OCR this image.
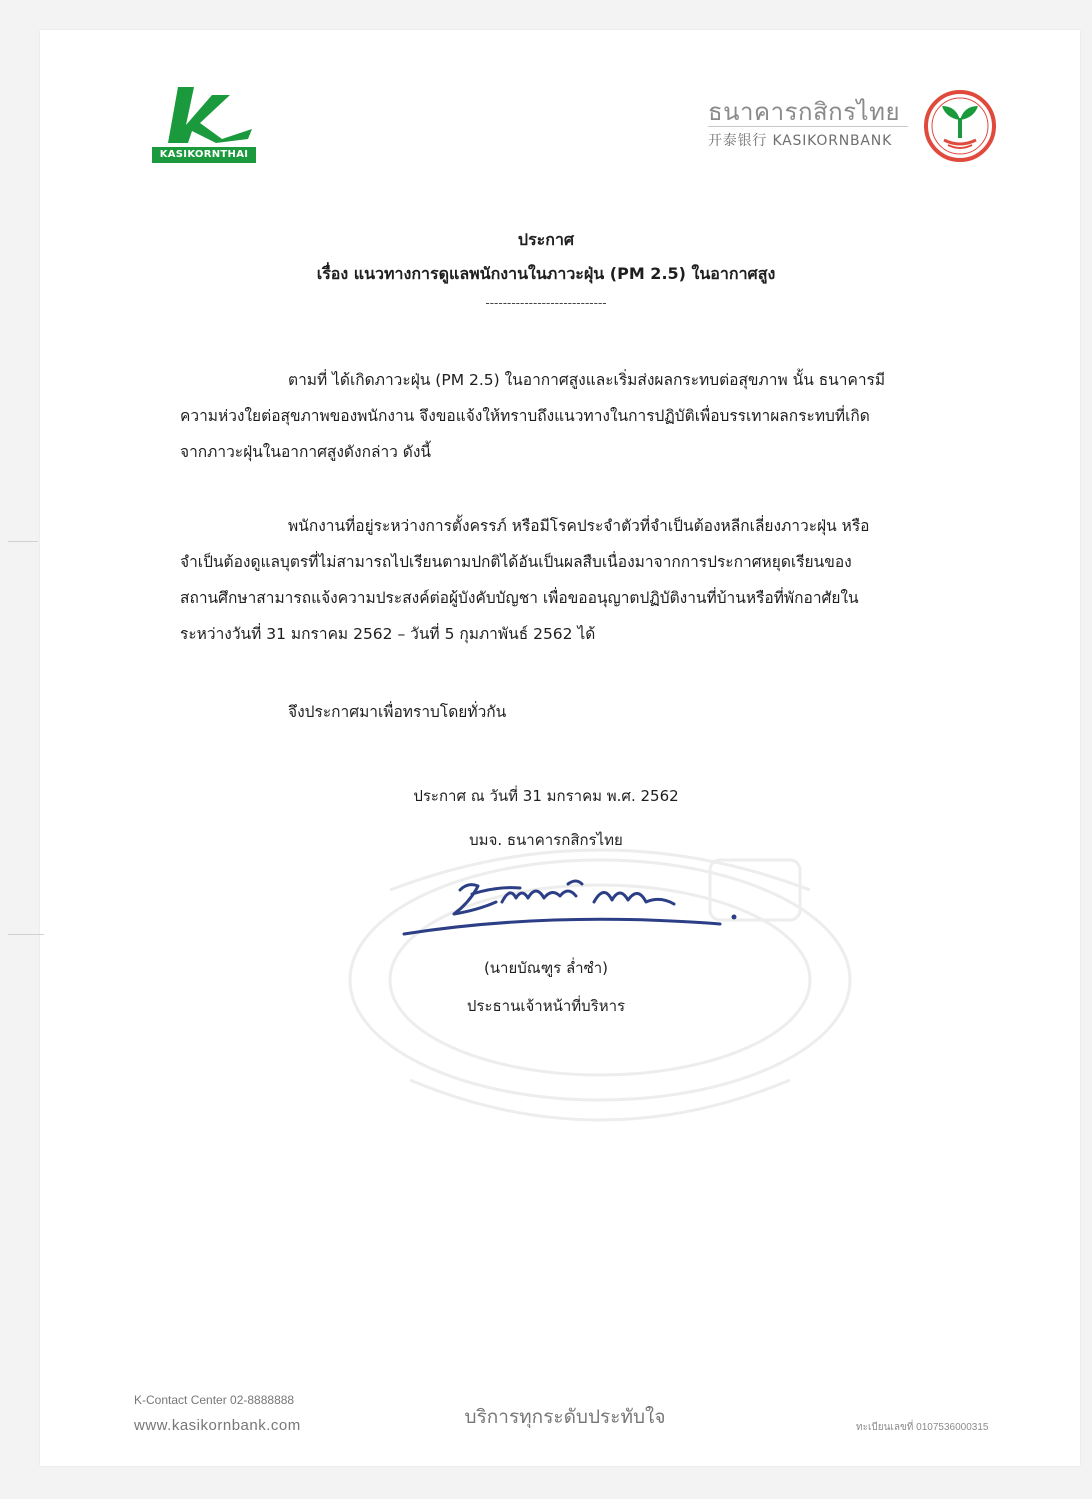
KASIKORNTHAI
ธนาคารกสิกรไทย
开泰银行 KASIKORNBANK
ประกาศ
เรื่อง แนวทางการดูแลพนักงานในภาวะฝุ่น (PM 2.5) ในอากาศสูง
----------------------------
ตามที่ ได้เกิดภาวะฝุ่น (PM 2.5) ในอากาศสูงและเริ่มส่งผลกระทบต่อสุขภาพ นั้น ธนาคารมี
ความห่วงใยต่อสุขภาพของพนักงาน จึงขอแจ้งให้ทราบถึงแนวทางในการปฏิบัติเพื่อบรรเทาผลกระทบที่เกิด
จากภาวะฝุ่นในอากาศสูงดังกล่าว ดังนี้
พนักงานที่อยู่ระหว่างการตั้งครรภ์ หรือมีโรคประจำตัวที่จำเป็นต้องหลีกเลี่ยงภาวะฝุ่น หรือ
จำเป็นต้องดูแลบุตรที่ไม่สามารถไปเรียนตามปกติได้อันเป็นผลสืบเนื่องมาจากการประกาศหยุดเรียนของ
สถานศึกษาสามารถแจ้งความประสงค์ต่อผู้บังคับบัญชา เพื่อขออนุญาตปฏิบัติงานที่บ้านหรือที่พักอาศัยใน
ระหว่างวันที่ 31 มกราคม 2562 – วันที่ 5 กุมภาพันธ์ 2562 ได้
จึงประกาศมาเพื่อทราบโดยทั่วกัน
ประกาศ ณ วันที่ 31 มกราคม พ.ศ. 2562
บมจ. ธนาคารกสิกรไทย
(นายบัณฑูร ล่ำซำ)
ประธานเจ้าหน้าที่บริหาร
K-Contact Center 02-8888888
www.kasikornbank.com	บริการทุกระดับประทับใจ	ทะเบียนเลขที่ 0107536000315
